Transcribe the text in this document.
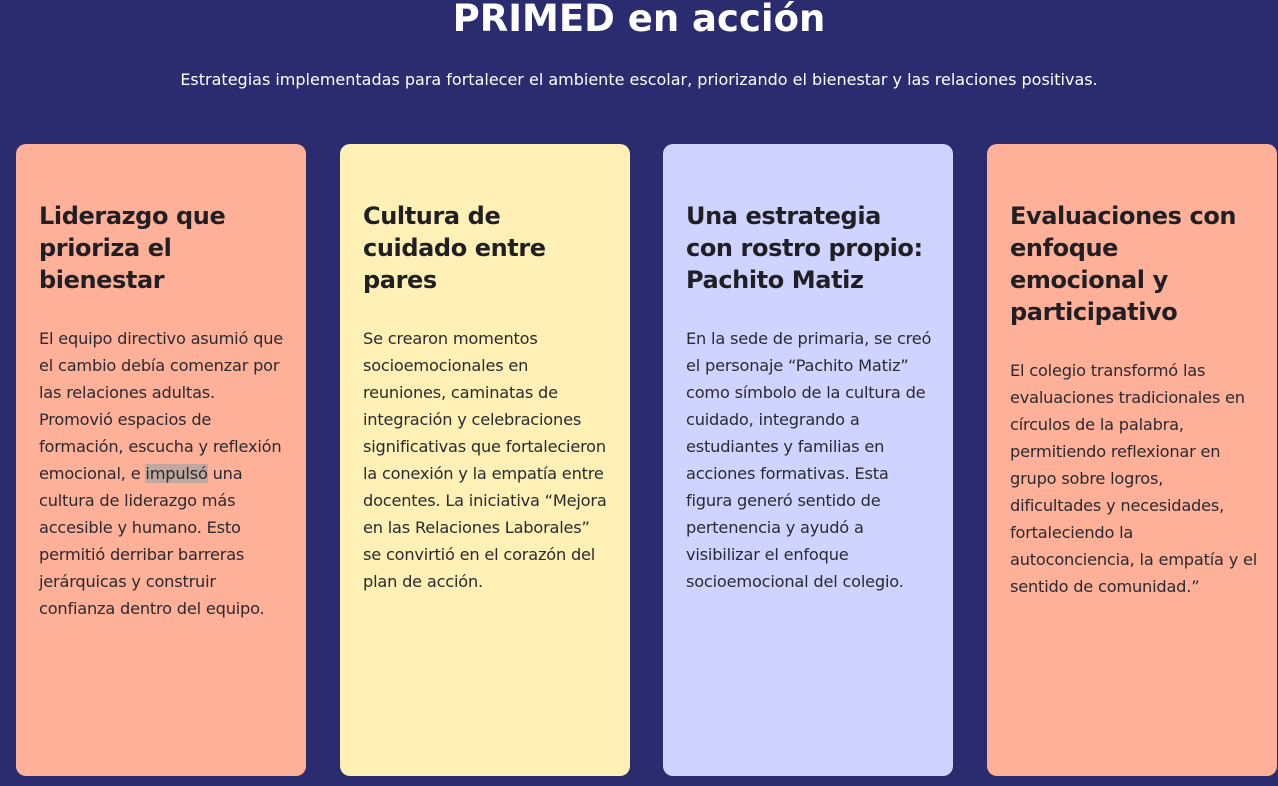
PRIMED en acción

Estrategias implementadas para fortalecer el ambiente escolar, priorizando el bienestar y las relaciones positivas.

Liderazgo que prioriza el bienestar

El equipo directivo asumió que el cambio debía comenzar por las relaciones adultas. Promovió espacios de formación, escucha y reflexión emocional, e impulsó una cultura de liderazgo más accesible y humano. Esto permitió derribar barreras jerárquicas y construir confianza dentro del equipo.

Cultura de cuidado entre pares

Se crearon momentos socioemocionales en reuniones, caminatas de integración y celebraciones significativas que fortalecieron la conexión y la empatía entre docentes. La iniciativa “Mejora en las Relaciones Laborales” se convirtió en el corazón del plan de acción.

Una estrategia con rostro propio: Pachito Matiz

En la sede de primaria, se creó el personaje “Pachito Matiz” como símbolo de la cultura de cuidado, integrando a estudiantes y familias en acciones formativas. Esta figura generó sentido de pertenencia y ayudó a visibilizar el enfoque socioemocional del colegio.

Evaluaciones con enfoque emocional y participativo

El colegio transformó las evaluaciones tradicionales en círculos de la palabra, permitiendo reflexionar en grupo sobre logros, dificultades y necesidades, fortaleciendo la autoconciencia, la empatía y el sentido de comunidad.”
